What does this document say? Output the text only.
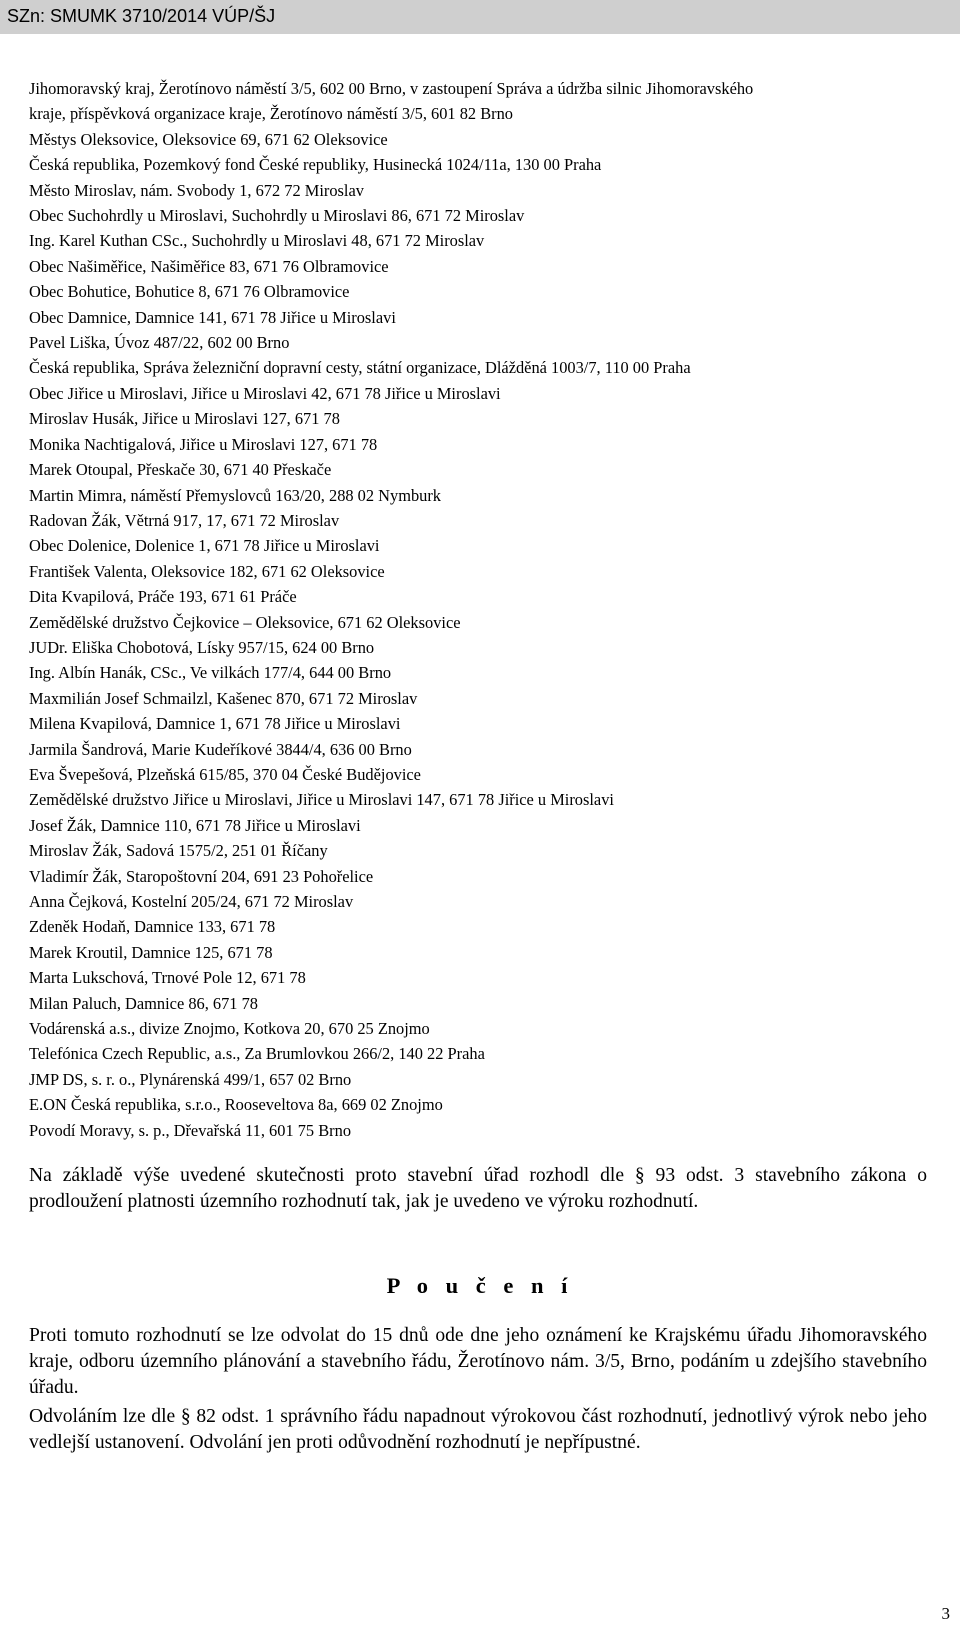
SZn: SMUMK 3710/2014 VÚP/ŠJ
Jihomoravský kraj, Žerotínovo náměstí 3/5, 602 00 Brno, v zastoupení Správa a údržba silnic Jihomoravského
kraje, příspěvková organizace kraje, Žerotínovo náměstí 3/5, 601 82 Brno
Městys Oleksovice, Oleksovice 69, 671 62 Oleksovice
Česká republika, Pozemkový fond České republiky, Husinecká 1024/11a, 130 00 Praha
Město Miroslav, nám. Svobody 1, 672 72 Miroslav
Obec Suchohrdly u Miroslavi, Suchohrdly u Miroslavi 86, 671 72 Miroslav
Ing. Karel Kuthan CSc., Suchohrdly u Miroslavi 48, 671 72 Miroslav
Obec Našiměřice, Našiměřice 83, 671 76 Olbramovice
Obec Bohutice, Bohutice 8, 671 76 Olbramovice
Obec Damnice, Damnice 141, 671 78 Jiřice u Miroslavi
Pavel Liška, Úvoz 487/22, 602 00 Brno
Česká republika, Správa železniční dopravní cesty, státní organizace, Dlážděná 1003/7, 110 00 Praha
Obec Jiřice u Miroslavi, Jiřice u Miroslavi 42, 671 78 Jiřice u Miroslavi
Miroslav Husák, Jiřice u Miroslavi 127, 671 78
Monika Nachtigalová, Jiřice u Miroslavi 127, 671 78
Marek Otoupal, Přeskače 30, 671 40 Přeskače
Martin Mimra, náměstí Přemyslovců 163/20, 288 02 Nymburk
Radovan Žák, Větrná 917, 17, 671 72 Miroslav
Obec Dolenice, Dolenice 1, 671 78 Jiřice u Miroslavi
František Valenta, Oleksovice 182, 671 62 Oleksovice
Dita Kvapilová, Práče 193, 671 61 Práče
Zemědělské družstvo Čejkovice – Oleksovice, 671 62 Oleksovice
JUDr. Eliška Chobotová, Lísky 957/15, 624 00 Brno
Ing. Albín Hanák, CSc., Ve vilkách 177/4, 644 00 Brno
Maxmilián Josef Schmailzl, Kašenec 870, 671 72 Miroslav
Milena Kvapilová, Damnice 1, 671 78 Jiřice u Miroslavi
Jarmila Šandrová, Marie Kudeříkové 3844/4, 636 00 Brno
Eva Švepešová, Plzeňská 615/85, 370 04 České Budějovice
Zemědělské družstvo Jiřice u Miroslavi, Jiřice u Miroslavi 147, 671 78 Jiřice u Miroslavi
Josef Žák, Damnice 110, 671 78 Jiřice u Miroslavi
Miroslav Žák, Sadová 1575/2, 251 01 Říčany
Vladimír Žák, Staropoštovní 204, 691 23 Pohořelice
Anna Čejková, Kostelní 205/24, 671 72 Miroslav
Zdeněk Hodaň, Damnice 133, 671 78
Marek Kroutil, Damnice 125, 671 78
Marta Lukschová, Trnové Pole 12, 671 78
Milan Paluch, Damnice 86, 671 78
Vodárenská a.s., divize Znojmo, Kotkova 20, 670 25 Znojmo
Telefónica Czech Republic, a.s., Za Brumlovkou 266/2, 140 22 Praha
JMP DS, s. r. o., Plynárenská 499/1, 657 02 Brno
E.ON Česká republika, s.r.o., Rooseveltova 8a, 669 02 Znojmo
Povodí Moravy, s. p., Dřevařská 11, 601 75 Brno
Na základě výše uvedené skutečnosti proto stavební úřad rozhodl dle § 93 odst. 3 stavebního zákona o prodloužení platnosti územního rozhodnutí tak, jak je uvedeno ve výroku rozhodnutí.
P o u č e n í
Proti tomuto rozhodnutí se lze odvolat do 15 dnů ode dne jeho oznámení ke Krajskému úřadu Jihomoravského kraje, odboru územního plánování a stavebního řádu, Žerotínovo nám. 3/5, Brno, podáním u zdejšího stavebního úřadu.
Odvoláním lze dle § 82 odst. 1 správního řádu napadnout výrokovou část rozhodnutí, jednotlivý výrok nebo jeho vedlejší ustanovení. Odvolání jen proti odůvodnění rozhodnutí je nepřípustné.
3
